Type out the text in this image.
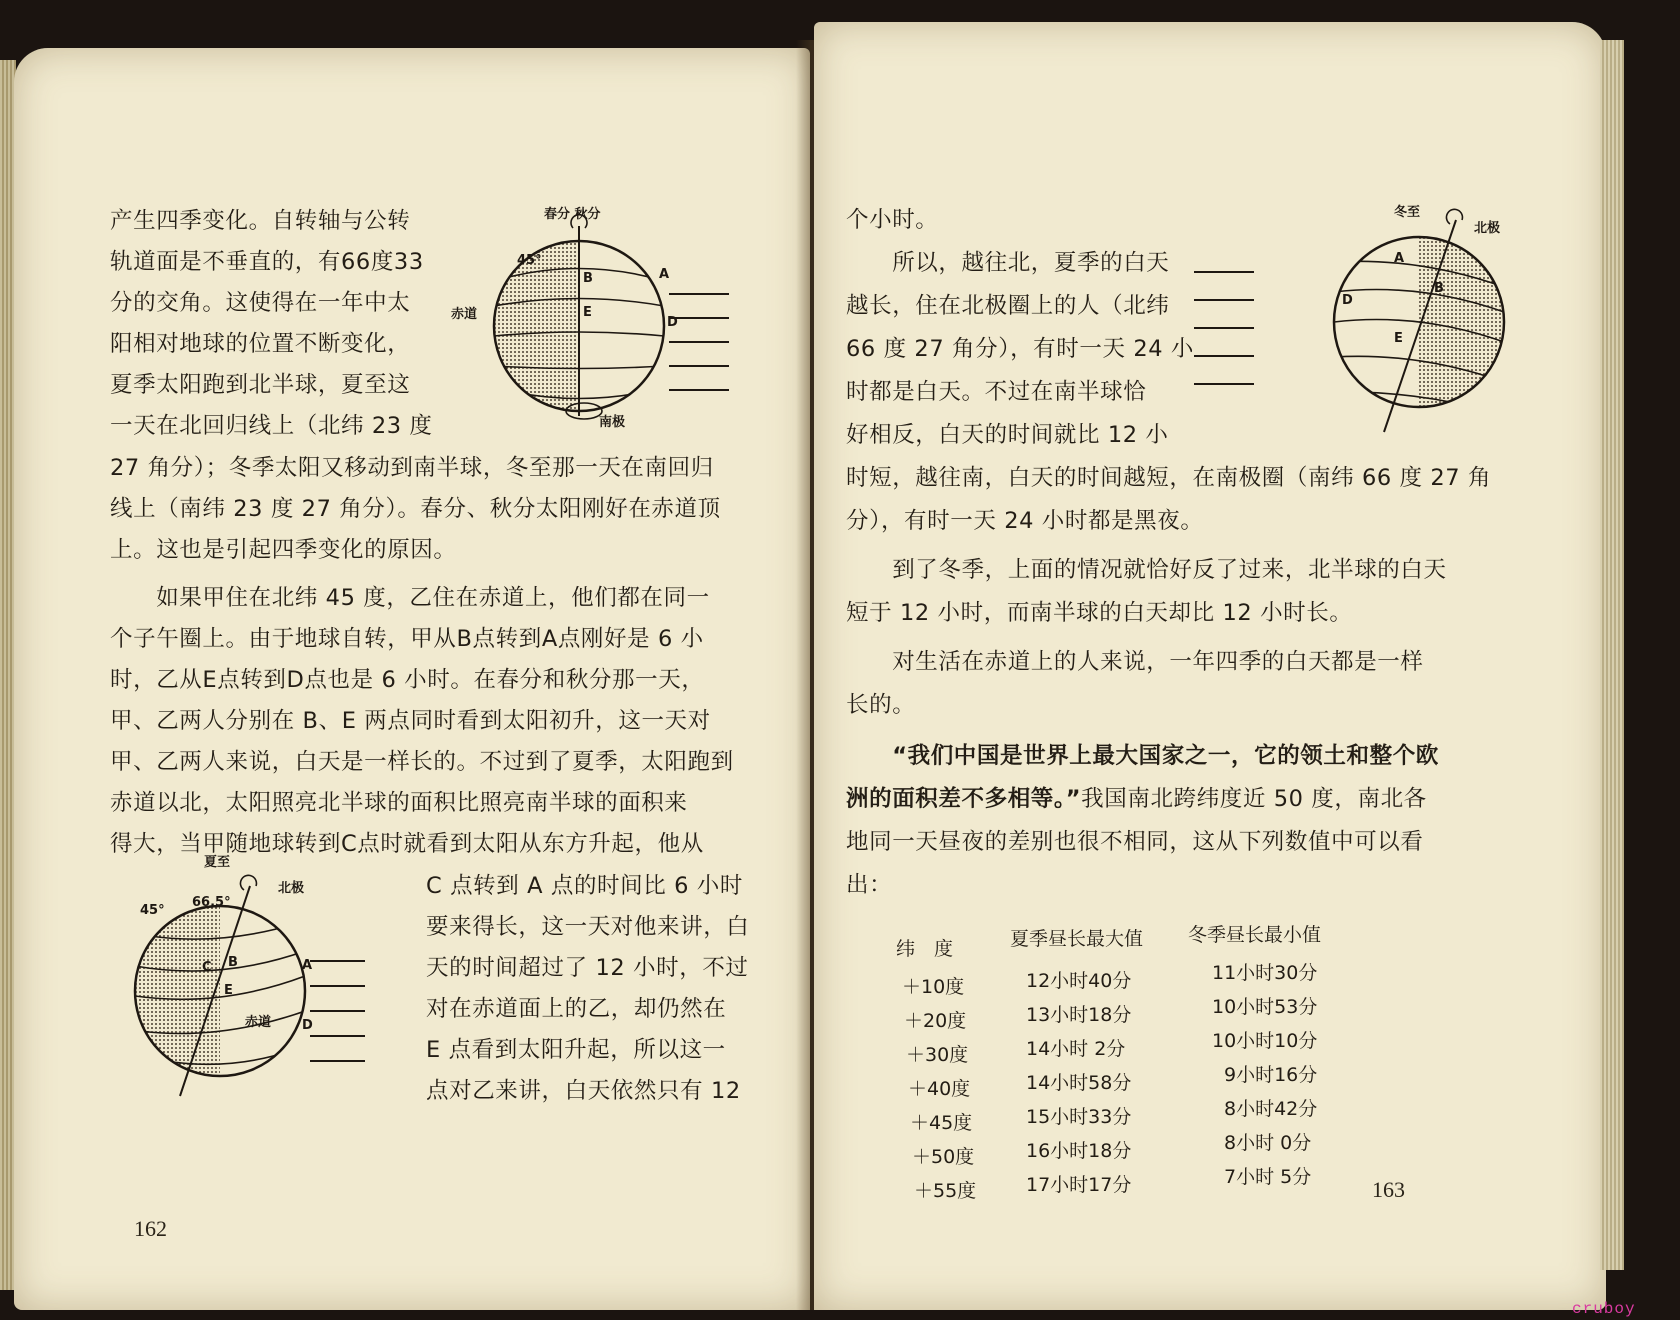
产生四季变化。自转轴与公转
轨道面是不垂直的，有66度33
分的交角。这使得在一年中太
阳相对地球的位置不断变化，
夏季太阳跑到北半球，夏至这
一天在北回归线上（北纬 23 度
27 角分）；冬季太阳又移动到南半球，冬至那一天在南回归
线上（南纬 23 度 27 角分）。春分、秋分太阳刚好在赤道顶
上。这也是引起四季变化的原因。
　　如果甲住在北纬 45 度，乙住在赤道上，他们都在同一
个子午圈上。由于地球自转，甲从B点转到A点刚好是 6 小
时，乙从E点转到D点也是 6 小时。在春分和秋分那一天，
甲、乙两人分别在 B、E 两点同时看到太阳初升，这一天对
甲、乙两人来说，白天是一样长的。不过到了夏季，太阳跑到
赤道以北，太阳照亮北半球的面积比照亮南半球的面积来
得大，当甲随地球转到C点时就看到太阳从东方升起，他从
C 点转到 A 点的时间比 6 小时
要来得长，这一天对他来讲，白
天的时间超过了 12 小时，不过
对在赤道面上的乙，却仍然在
E 点看到太阳升起，所以这一
点对乙来讲，白天依然只有 12
春分 秋分
45°
赤道
南极
A
B
D
E
夏至
66.5°
45°
北极
赤道
A
B
C
D
E
162
个小时。
　　所以，越往北，夏季的白天
越长，住在北极圈上的人（北纬
66 度 27 角分），有时一天 24 小
时都是白天。不过在南半球恰
好相反，白天的时间就比 12 小
时短，越往南，白天的时间越短，在南极圈（南纬 66 度 27 角
分），有时一天 24 小时都是黑夜。
　　到了冬季，上面的情况就恰好反了过来，北半球的白天
短于 12 小时，而南半球的白天却比 12 小时长。
　　对生活在赤道上的人来说，一年四季的白天都是一样
长的。
　　“我们中国是世界上最大国家之一，它的领土和整个欧
洲的面积差不多相等。”我国南北跨纬度近 50 度，南北各
地同一天昼夜的差别也很不相同，这从下列数值中可以看
出：
冬至
北极
A
B
D
E
纬　度	夏季昼长最大值 冬季昼长最小值
＋10度	12小时40分	11小时30分
＋20度	13小时18分	10小时53分
＋30度	14小时 2分	10小时10分
＋40度	14小时58分	9小时16分
＋45度	15小时33分	8小时42分
＋50度	16小时18分	8小时 0分
＋55度	17小时17分	7小时 5分	163
cruboy
